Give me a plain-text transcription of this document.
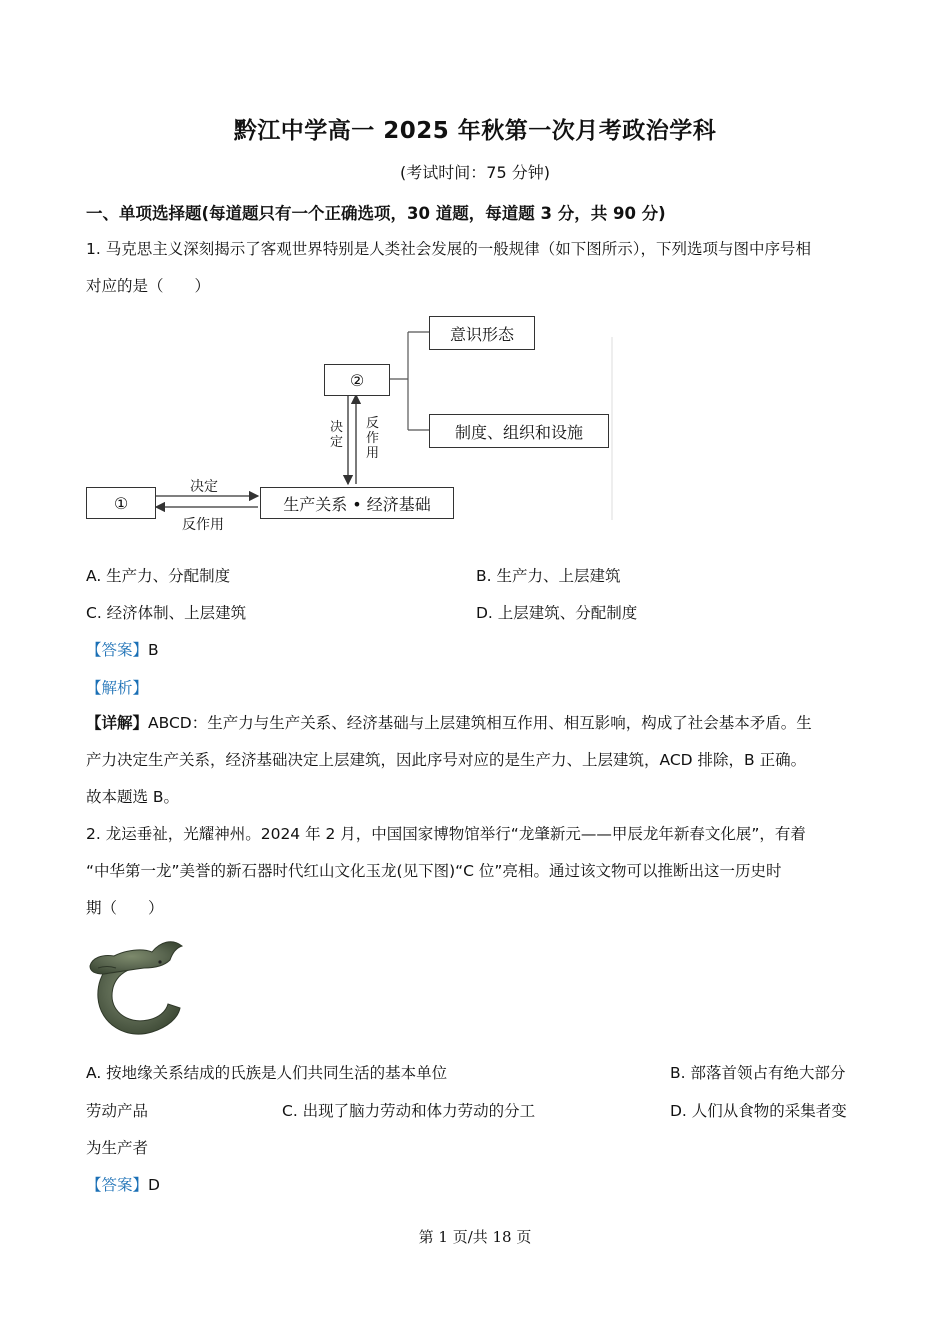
黔江中学高一 2025 年秋第一次月考政治学科
(考试时间：75 分钟)
一、单项选择题(每道题只有一个正确选项，30 道题，每道题 3 分，共 90 分)
1. 马克思主义深刻揭示了客观世界特别是人类社会发展的一般规律（如下图所示），下列选项与图中序号相
对应的是（　　）
意识形态
②
制度、组织和设施
①	生产关系 • 经济基础
决定
反作用
决
定
反
作
用
A. 生产力、分配制度	B. 生产力、上层建筑
C. 经济体制、上层建筑	D. 上层建筑、分配制度
【答案】B
【解析】
【详解】ABCD：生产力与生产关系、经济基础与上层建筑相互作用、相互影响，构成了社会基本矛盾。生
产力决定生产关系，经济基础决定上层建筑，因此序号对应的是生产力、上层建筑，ACD 排除，B 正确。
故本题选 B。
2. 龙运垂祉，光耀神州。2024 年 2 月，中国国家博物馆举行“龙肇新元——甲辰龙年新春文化展”，有着
“中华第一龙”美誉的新石器时代红山文化玉龙(见下图)“C 位”亮相。通过该文物可以推断出这一历史时
期（　　）
A. 按地缘关系结成的氏族是人们共同生活的基本单位	B. 部落首领占有绝大部分
劳动产品	C. 出现了脑力劳动和体力劳动的分工	D. 人们从食物的采集者变
为生产者
【答案】D
第 1 页/共 18 页
